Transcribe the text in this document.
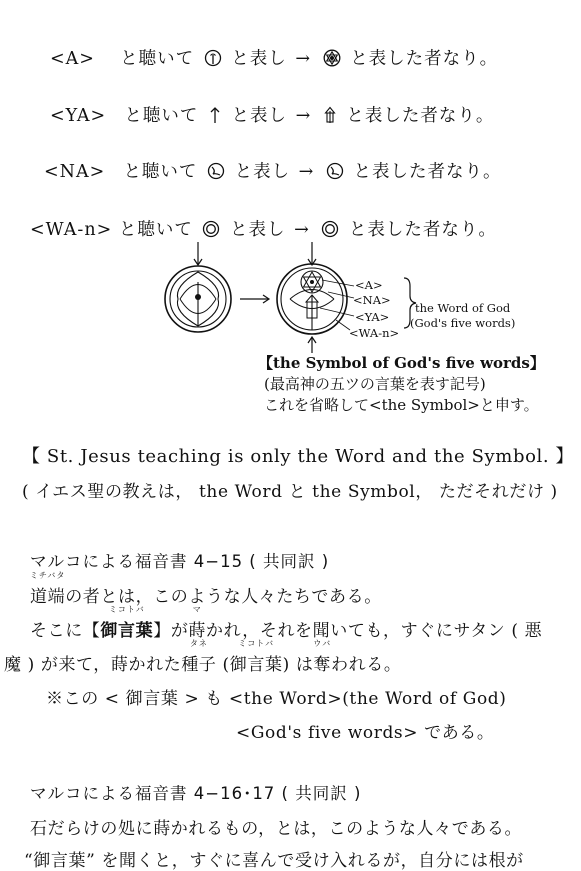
<A> と聴いて と表し → と表した者なり。
<YA> と聴いて と表し → と表した者なり。
<NA> と聴いて と表し → と表した者なり。
<WA-n> と聴いて と表し → と表した者なり。
<A>
<NA>
<YA>
<WA-n>
the Word of God
(God's five words)
【the Symbol of God's five words】
(最高神の五ツの言葉を表す記号)
これを省略して<the Symbol>と申す。
【 St. Jesus teaching is only the Word and the Symbol. 】
( イエス聖の教えは， the Word と the Symbol， ただそれだけ )
マルコによる福音書 4−15 ( 共同訳 )
ミチバタ
道端の者とは，このような人々たちである。
そこに【
ミコトバ
御言葉】が
マ
蒔かれ，それを聞いても，すぐにサタン ( 悪
魔 ) が来て，蒔かれた
タネ
種子 (
ミコトバ
御言葉) は
ウバ
奪われる。
※この < 御言葉 > も <the Word>(the Word of God)
<God's five words> である。
マルコによる福音書 4−16･17 ( 共同訳 )
石だらけの処に蒔かれるもの，とは，このような人々である。
“御言葉” を聞くと，すぐに喜んで受け入れるが，自分には根が
